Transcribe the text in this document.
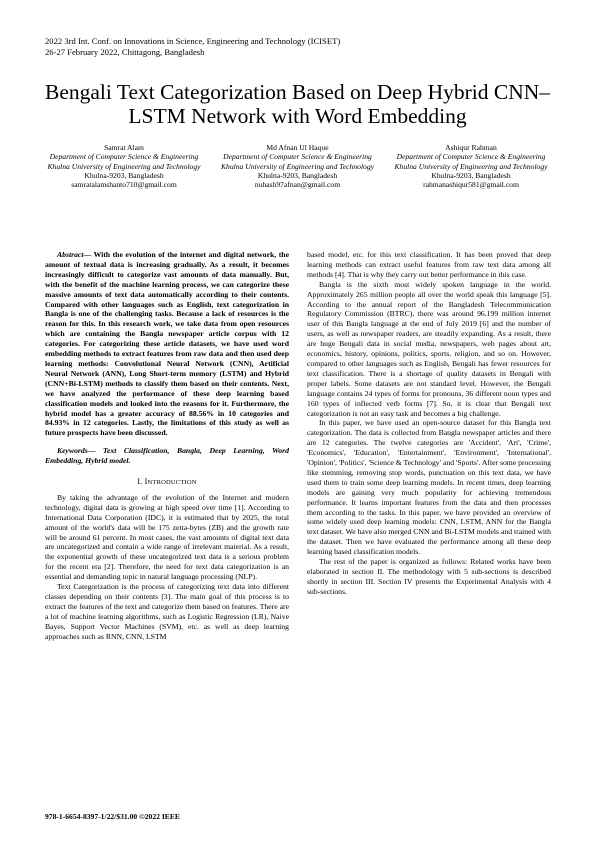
2022 3rd Int. Conf. on Innovations in Science, Engineering and Technology (ICISET)
26-27 February 2022, Chittagong, Bangladesh
Bengali Text Categorization Based on Deep Hybrid CNN–LSTM Network with Word Embedding
Samrat Alam
Department of Computer Science & Engineering
Khulna University of Engineering and Technology
Khulna-9203, Bangladesh
samratalamshanto710@gmail.com
Md Afnan Ul Haque
Department of Computer Science & Engineering
Khulna University of Engineering and Technology
Khulna-9203, Bangladesh
nuhash97afnan@gmail.com
Ashiqur Rahman
Department of Computer Science & Engineering
Khulna University of Engineering and Technology
Khulna-9203, Bangladesh
rahmanashiqur581@gmail.com

Abstract— With the evolution of the internet and digital network, the amount of textual data is increasing gradually. As a result, it becomes increasingly difficult to categorize vast amounts of data manually. But, with the benefit of the machine learning process, we can categorize these massive amounts of text data automatically according to their contents. Compared with other languages such as English, text categorization in Bangla is one of the challenging tasks. Because a lack of resources is the reason for this. In this research work, we take data from open resources which are containing the Bangla newspaper article corpus with 12 categories. For categorizing these article datasets, we have used word embedding methods to extract features from raw data and then used deep learning methods: Convolutional Neural Network (CNN), Artificial Neural Network (ANN), Long Short-term memory (LSTM) and Hybrid (CNN+Bi-LSTM) methods to classify them based on their contents. Next, we have analyzed the performance of these deep learning based classification models and looked into the reasons for it. Furthermore, the hybrid model has a greater accuracy of 88.56% in 10 categories and 84.93% in 12 categories. Lastly, the limitations of this study as well as future prospects have been discussed.

Keywords— Text Classification, Bangla, Deep Learning, Word Embedding, Hybrid model.

I. INTRODUCTION

By taking the advantage of the evolution of the Internet and modern technology, digital data is growing at high speed over time [1]. According to International Data Corporation (IDC), it is estimated that by 2025, the total amount of the world's data will be 175 zetta-bytes (ZB) and the growth rate will be around 61 percent. In most cases, the vast amounts of digital text data are uncategorized and contain a wide range of irrelevant material. As a result, the exponential growth of these uncategorized text data is a serious problem for the recent era [2]. Therefore, the need for text data categorization is an essential and demanding topic in natural language processing (NLP).

Text Categorization is the process of categorizing text data into different classes depending on their contents [3]. The main goal of this process is to extract the features of the text and categorize them based on features. There are a lot of machine learning algorithms, such as Logistic Regression (LR), Naive Bayes, Support Vector Machines (SVM), etc. as well as deep learning approaches such as RNN, CNN, LSTM

based model, etc. for this text classification. It has been proved that deep learning methods can extract useful features from raw text data among all methods [4]. That is why they carry out better performance in this case.

Bangla is the sixth most widely spoken language in the world. Approximately 265 million people all over the world speak this language [5]. According to the annual report of the Bangladesh Telecommunication Regulatory Commission (BTRC), there was around 96.199 million internet user of this Bangla language at the end of July 2019 [6] and the number of users, as well as newspaper readers, are steadily expanding. As a result, there are huge Bengali data in social media, newspapers, web pages about art, economics, history, opinions, politics, sports, religion, and so on. However, compared to other languages such as English, Bengali has fewer resources for text classification. There is a shortage of quality datasets in Bengali with proper labels. Some datasets are not standard level. However, the Bengali language contains 24 types of forms for pronouns, 36 different noun types and 160 types of inflected verb forms [7]. So, it is clear that Bengali text categorization is not an easy task and becomes a big challenge.

In this paper, we have used an open-source dataset for this Bangla text categorization. The data is collected from Bangla newspaper articles and there are 12 categories. The twelve categories are 'Accident', 'Art', 'Crime', 'Economics', 'Education', 'Entertainment', 'Environment', 'International', 'Opinion', 'Politics', 'Science & Technology' and 'Sports'. After some processing like stemming, removing stop words, punctuation on this text data, we have used them to train some deep learning models. In recent times, deep learning models are gaining very much popularity for achieving tremendous performance. It learns important features from the data and then processes them according to the tasks. In this paper, we have provided an overview of some widely used deep learning models: CNN, LSTM, ANN for the Bangla text dataset. We have also merged CNN and Bi-LSTM models and trained with the dataset. Then we have evaluated the performance among all these deep learning based classification models.

The rest of the paper is organized as follows: Related works have been elaborated in section II. The methodology with 5 sub-sections is described shortly in section III. Section IV presents the Experimental Analysis with 4 sub-sections.

978-1-6654-8397-1/22/$31.00 ©2022 IEEE
